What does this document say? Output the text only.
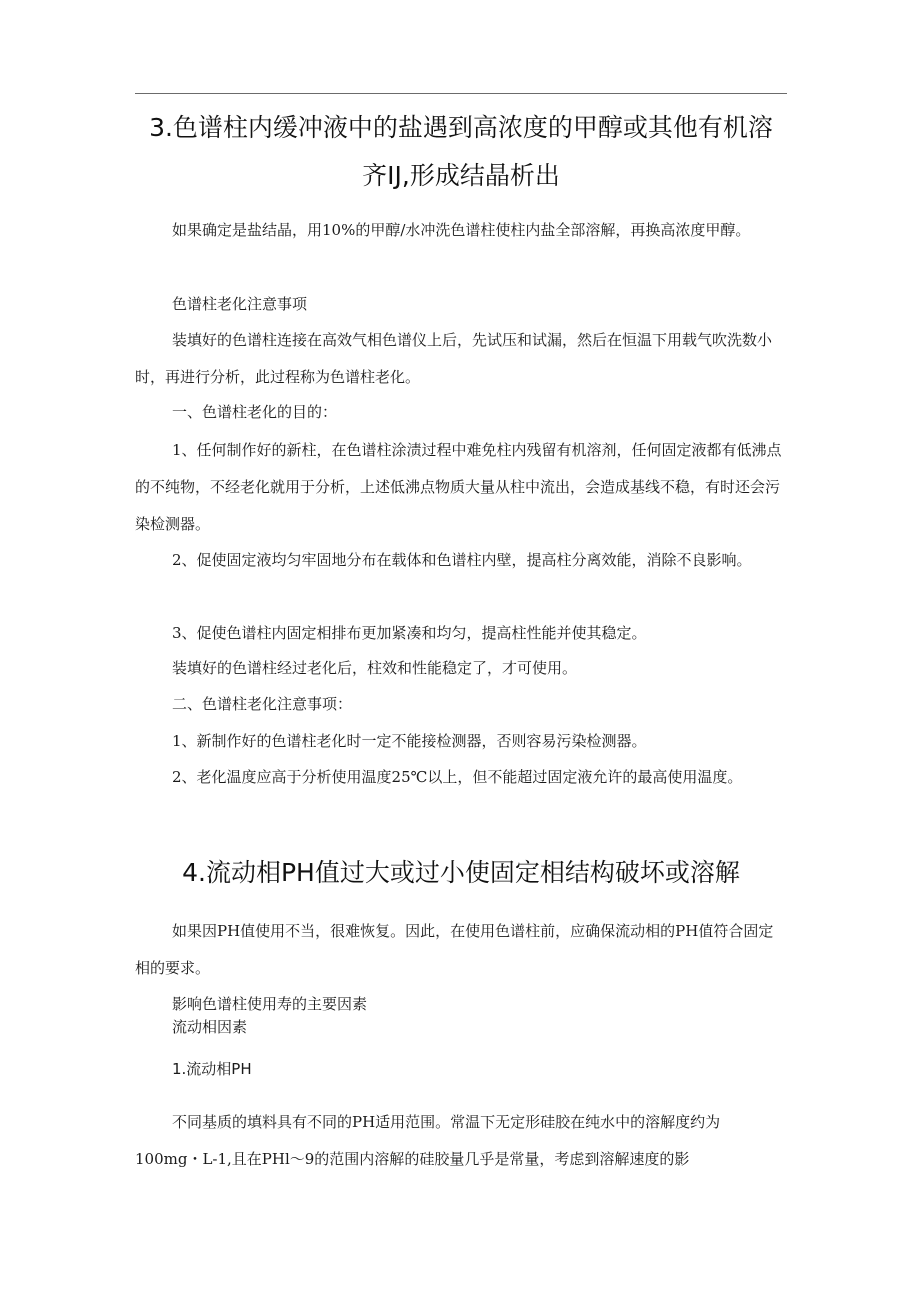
3.色谱柱内缓冲液中的盐遇到高浓度的甲醇或其他有机溶
齐IJ,形成结晶析出
如果确定是盐结晶，用10%的甲醇/水冲洗色谱柱使柱内盐全部溶解，再换高浓度甲醇。
色谱柱老化注意事项
装填好的色谱柱连接在高效气相色谱仪上后，先试压和试漏，然后在恒温下用载气吹洗数小时，再进行分析，此过程称为色谱柱老化。
一、色谱柱老化的目的：
1、任何制作好的新柱，在色谱柱涂渍过程中难免柱内残留有机溶剂，任何固定液都有低沸点的不纯物，不经老化就用于分析，上述低沸点物质大量从柱中流出，会造成基线不稳，有时还会污染检测器。
2、促使固定液均匀牢固地分布在载体和色谱柱内壁，提高柱分离效能，消除不良影响。
3、促使色谱柱内固定相排布更加紧凑和均匀，提高柱性能并使其稳定。
装填好的色谱柱经过老化后，柱效和性能稳定了，才可使用。
二、色谱柱老化注意事项：
1、新制作好的色谱柱老化时一定不能接检测器，否则容易污染检测器。
2、老化温度应高于分析使用温度25℃以上，但不能超过固定液允许的最高使用温度。
4.流动相PH值过大或过小使固定相结构破坏或溶解
如果因PH值使用不当，很难恢复。因此，在使用色谱柱前，应确保流动相的PH值符合固定相的要求。
影响色谱柱使用寿的主要因素
流动相因素
1.流动相PH
不同基质的填料具有不同的PH适用范围。常温下无定形硅胶在纯水中的溶解度约为100mg・L-1,且在PHl～9的范围内溶解的硅胶量几乎是常量，考虑到溶解速度的影
